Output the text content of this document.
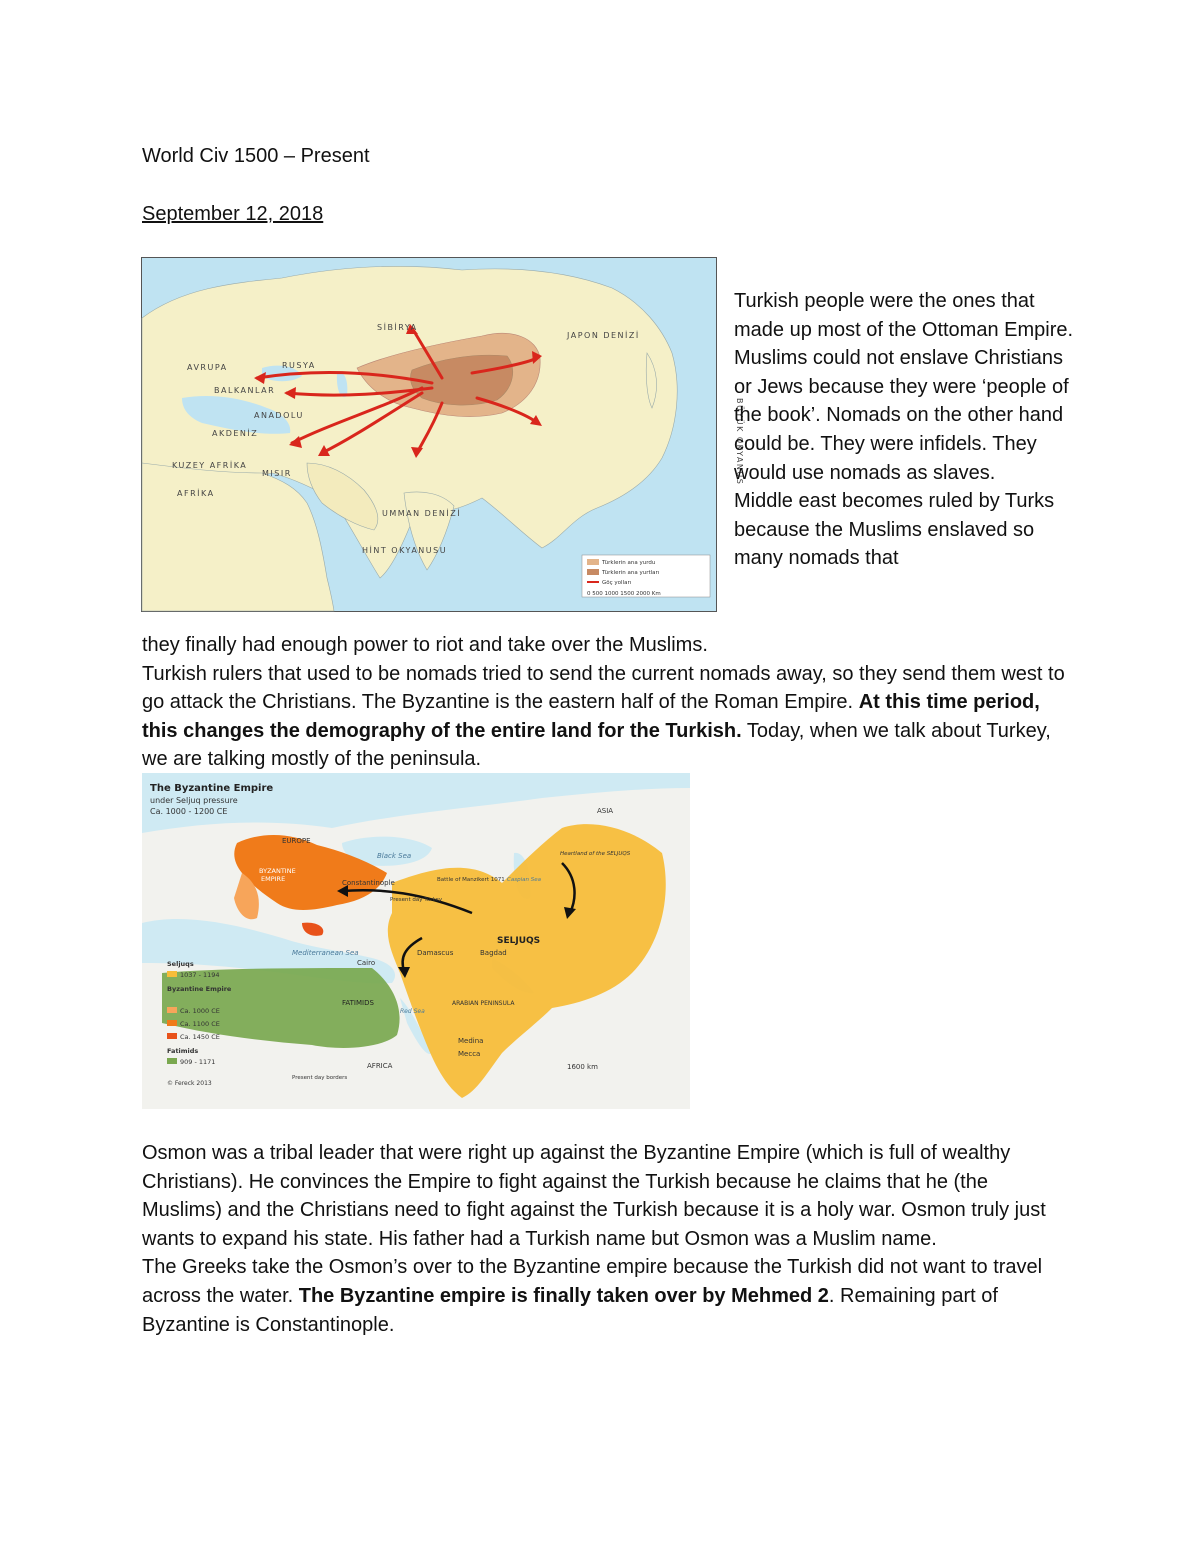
World Civ 1500 – Present
September 12, 2018
SİBİRYA
RUSYA
AVRUPA
BALKANLAR
ANADOLU
AKDENİZ
AFRİKA
KUZEY AFRİKA
MISIR
HİNT OKYANUSU
BÜYÜK OKYANUS
JAPON DENİZİ
UMMAN DENİZİ
Türklerin ana yurdu
Türklerin ana yurtları
Göç yolları
0 500 1000 1500 2000 Km

Turkish people were the ones that made up most of the Ottoman Empire.

Muslims could not enslave Christians or Jews because they were ‘people of the book’. Nomads on the other hand could be. They were infidels. They would use nomads as slaves.

Middle east becomes ruled by Turks because the Muslims enslaved so many nomads that

they finally had enough power to riot and take over the Muslims.

Turkish rulers that used to be nomads tried to send the current nomads away, so they send them west to go attack the Christians. The Byzantine is the eastern half of the Roman Empire. At this time period, this changes the demography of the entire land for the Turkish. Today, when we talk about Turkey, we are talking mostly of the peninsula.

The Byzantine Empire
under Seljuq pressure
Ca. 1000 - 1200 CE
EUROPE
ASIA
BYZANTINE
EMPIRE	Constantinople
Black Sea
Battle of Manzikert 1071
Present day Turkey
Caspian Sea
Heartland of the SELJUQS
SELJUQS
Damascus	Bagdad
Mediterranean Sea
Cairo
FATIMIDS
Red Sea
ARABIAN PENINSULA
Medina
Mecca
AFRICA
Present day borders
1600 km
Seljuqs
1037 - 1194
Byzantine Empire
Ca. 1000 CE
Ca. 1100 CE
Ca. 1450 CE
Fatimids
909 - 1171
© Fereck 2013

Osmon was a tribal leader that were right up against the Byzantine Empire (which is full of wealthy Christians). He convinces the Empire to fight against the Turkish because he claims that he (the Muslims) and the Christians need to fight against the Turkish because it is a holy war. Osmon truly just wants to expand his state. His father had a Turkish name but Osmon was a Muslim name.

The Greeks take the Osmon’s over to the Byzantine empire because the Turkish did not want to travel across the water. The Byzantine empire is finally taken over by Mehmed 2. Remaining part of Byzantine is Constantinople.
